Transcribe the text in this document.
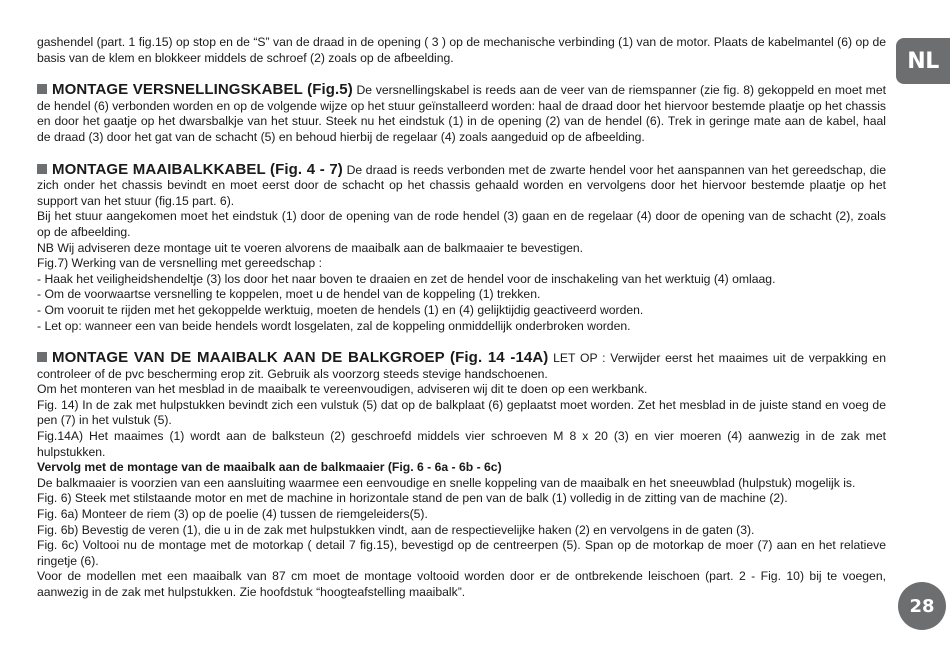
NL

gashendel (part. 1 fig.15) op stop en de “S” van de draad in de opening ( 3 ) op de mechanische verbinding (1) van de motor. Plaats de kabelmantel (6) op de basis van de klem en blokkeer middels de schroef (2) zoals op de afbeelding.

MONTAGE VERSNELLINGSKABEL (Fig.5) De versnellingskabel is reeds aan de veer van de riemspanner (zie fig. 8) gekoppeld en moet met de hendel (6) verbonden worden en op de volgende wijze op het stuur geïnstalleerd worden: haal de draad door het hiervoor bestemde plaatje op het chassis en door het gaatje op het dwarsbalkje van het stuur. Steek nu het eindstuk (1) in de opening (2) van de hendel (6). Trek in geringe mate aan de kabel, haal de draad (3) door het gat van de schacht (5) en behoud hierbij de regelaar (4) zoals aangeduid op de afbeelding.

MONTAGE MAAIBALKKABEL (Fig. 4 - 7) De draad is reeds verbonden met de zwarte hendel voor het aanspannen van het gereedschap, die zich onder het chassis bevindt en moet eerst door de schacht op het chassis gehaald worden en vervolgens door het hiervoor bestemde plaatje op het support van het stuur (fig.15 part. 6).

Bij het stuur aangekomen moet het eindstuk (1) door de opening van de rode hendel (3) gaan en de regelaar (4) door de opening van de schacht (2), zoals op de afbeelding.

NB Wij adviseren deze montage uit te voeren alvorens de maaibalk aan de balkmaaier te bevestigen.

Fig.7) Werking van de versnelling met gereedschap :

- Haak het veiligheidshendeltje (3) los door het naar boven te draaien en zet de hendel voor de inschakeling van het werktuig (4) omlaag.

- Om de voorwaartse versnelling te koppelen, moet u de hendel van de koppeling (1) trekken.

- Om vooruit te rijden met het gekoppelde werktuig, moeten de hendels (1) en (4) gelijktijdig geactiveerd worden.

- Let op: wanneer een van beide hendels wordt losgelaten, zal de koppeling onmiddellijk onderbroken worden.

MONTAGE VAN DE MAAIBALK AAN DE BALKGROEP (Fig. 14 -14A) LET OP : Verwijder eerst het maaimes uit de verpakking en controleer of de pvc bescherming erop zit. Gebruik als voorzorg steeds stevige handschoenen.

Om het monteren van het mesblad in de maaibalk te vereenvoudigen, adviseren wij dit te doen op een werkbank.

Fig. 14) In de zak met hulpstukken bevindt zich een vulstuk (5) dat op de balkplaat (6) geplaatst moet worden. Zet het mesblad in de juiste stand en voeg de pen (7) in het vulstuk (5).

Fig.14A) Het maaimes (1) wordt aan de balksteun (2) geschroefd middels vier schroeven M 8 x 20 (3) en vier moeren (4) aanwezig in de zak met hulpstukken.

Vervolg met de montage van de maaibalk aan de balkmaaier (Fig. 6 - 6a - 6b - 6c)

De balkmaaier is voorzien van een aansluiting waarmee een eenvoudige en snelle koppeling van de maaibalk en het sneeuwblad (hulpstuk) mogelijk is.

Fig. 6) Steek met stilstaande motor en met de machine in horizontale stand de pen van de balk (1) volledig in de zitting van de machine (2).

Fig. 6a) Monteer de riem (3) op de poelie (4) tussen de riemgeleiders(5).

Fig. 6b) Bevestig de veren (1), die u in de zak met hulpstukken vindt, aan de respectievelijke haken (2) en vervolgens in de gaten (3).

Fig. 6c) Voltooi nu de montage met de motorkap ( detail 7 fig.15), bevestigd op de centreerpen (5). Span op de motorkap de moer (7) aan en het relatieve ringetje (6).

Voor de modellen met een maaibalk van 87 cm moet de montage voltooid worden door er de ontbrekende leischoen (part. 2 - Fig. 10) bij te voegen, aanwezig in de zak met hulpstukken. Zie hoofdstuk “hoogteafstelling maaibalk”.

28
